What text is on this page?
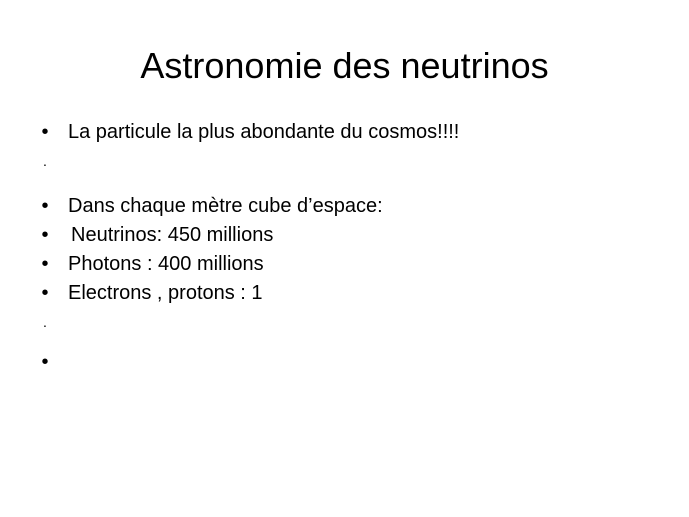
Astronomie des neutrinos
• La particule la plus abondante du cosmos!!!!
.
• Dans chaque mètre cube d’espace:
• Neutrinos: 450 millions
• Photons : 400 millions
• Electrons , protons : 1
.
•
